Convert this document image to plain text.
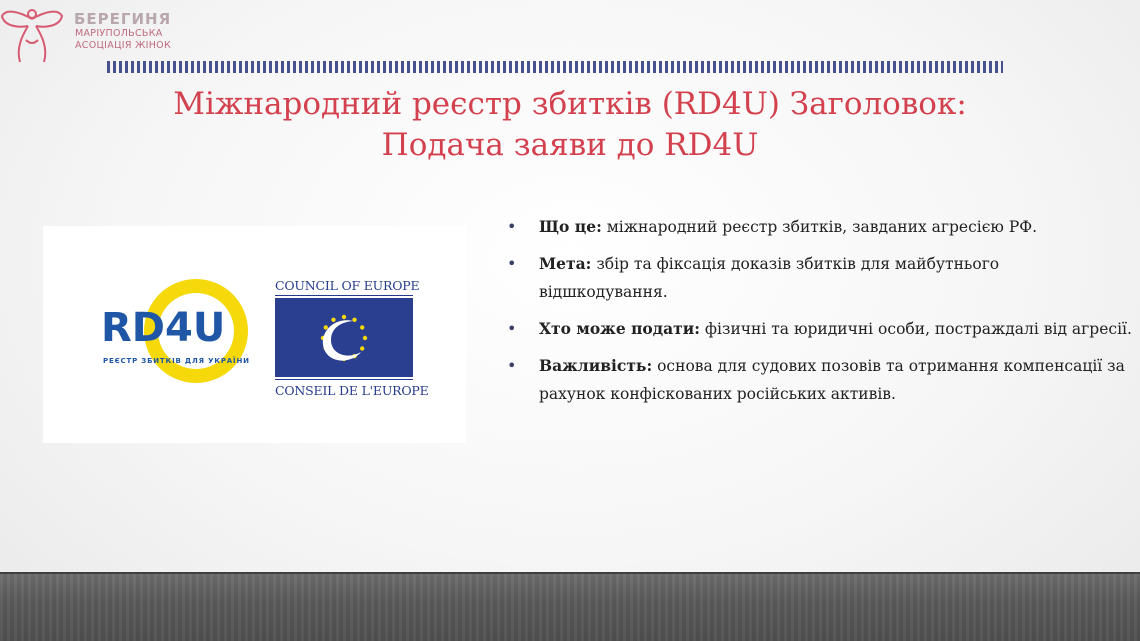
БЕРЕГИНЯ
МАРІУПОЛЬСЬКА
АСОЦІАЦІЯ ЖІНОК
Міжнародний реєстр збитків (RD4U) Заголовок:
Подача заяви до RD4U
RD4U
РЕЄСТР ЗБИТКІВ ДЛЯ УКРАЇНИ
COUNCIL OF EUROPE
CONSEIL DE L'EUROPE
• Що це: міжнародний реєстр збитків, завданих агресією РФ.
• Мета: збір та фіксація доказів збитків для майбутнього відшкодування.
• Хто може подати: фізичні та юридичні особи, постраждалі від агресії.
• Важливість: основа для судових позовів та отримання компенсації за рахунок конфіскованих російських активів.
